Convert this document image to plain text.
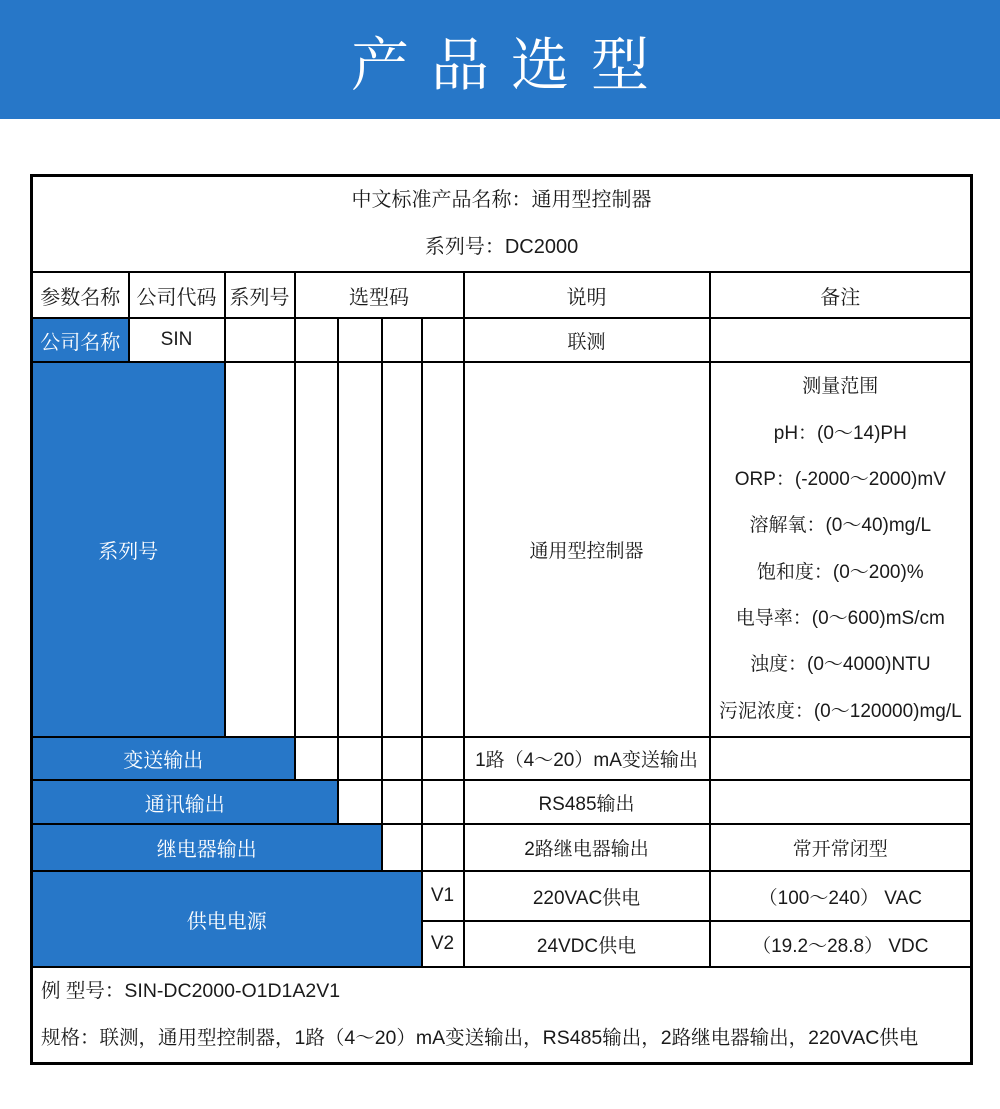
产品选型
中文标准产品名称：通用型控制器
系列号：DC2000								

参数名称	公司代码	系列号	选型码				说明	备注
公司名称	SIN						联测	
系列号						通用型控制器	
测量范围
pH：(0～14)PH
ORP：(-2000～2000)mV
溶解氧：(0～40)mg/L
饱和度：(0～200)%
电导率：(0～600)mS/cm
浊度：(0～4000)NTU
污泥浓度：(0～120000)mg/L

变送输出							1路（4～20）mA变送输出	
通讯输出							RS485输出	
继电器输出							2路继电器输出	常开常闭型
供电电源						V1	220VAC供电	（100～240） VAC
						V2	24VDC供电	（19.2～28.8） VDC

例 型号：SIN-DC2000-O1D1A2V1
规格：联测，通用型控制器，1路（4～20）mA变送输出，RS485输出，2路继电器输出，220VAC供电								
